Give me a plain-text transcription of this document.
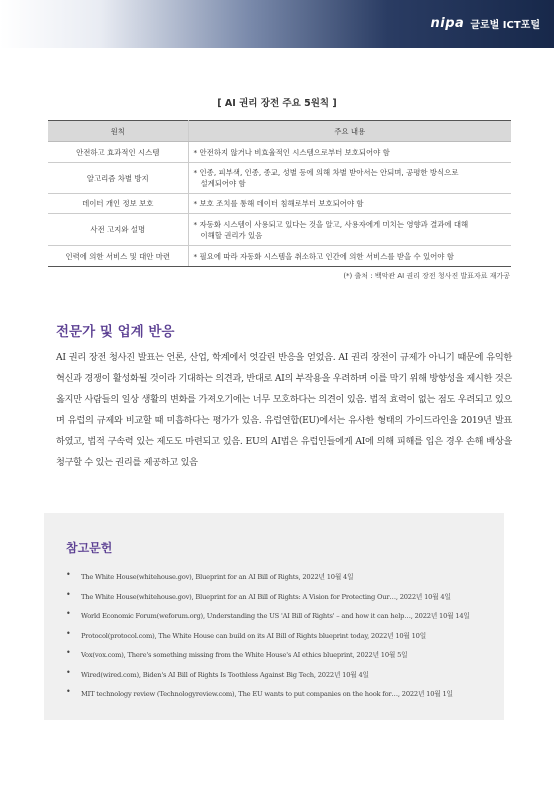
nipa 글로벌 ICT포털
[ AI 권리 장전 주요 5원칙 ]
원칙	주요 내용
안전하고 효과적인 시스템	* 안전하지 않거나 비효율적인 시스템으로부터 보호되어야 함

알고리즘 차별 방지	* 인종, 피부색, 인종, 종교, 성별 등에 의해 차별 받아서는 안되며, 공평한 방식으로
설계되어야 함

데이터 개인 정보 보호	* 보호 조치를 통해 데이터 침해로부터 보호되어야 함

사전 고지와 설명	* 자동화 시스템이 사용되고 있다는 것을 알고, 사용자에게 미치는 영향과 결과에 대해
이해할 권리가 있음

인력에 의한 서비스 및 대안 마련	* 필요에 따라 자동화 시스템을 취소하고 인간에 의한 서비스를 받을 수 있어야 함
(*) 출처 : 백악관 AI 권리 장전 청사진 발표자료 재가공
전문가 및 업계 반응

AI 권리 장전 청사진 발표는 언론, 산업, 학계에서 엇갈린 반응을 얻었음. AI 권리 장전이 규제가 아니기 때문에 유익한 혁신과 경쟁이 활성화될 것이라 기대하는 의견과, 반대로 AI의 부작용을 우려하며 이를 막기 위해 방향성을 제시한 것은 옳지만 사람들의 일상 생활의 변화를 가져오기에는 너무 모호하다는 의견이 있음. 법적 효력이 없는 점도 우려되고 있으며 유럽의 규제와 비교할 때 미흡하다는 평가가 있음. 유럽연합(EU)에서는 유사한 형태의 가이드라인을 2019년 발표하였고, 법적 구속력 있는 제도도 마련되고 있음. EU의 AI법은 유럽인들에게 AI에 의해 피해를 입은 경우 손해 배상을 청구할 수 있는 권리를 제공하고 있음

참고문헌
• The White House(whitehouse.gov), Blueprint for an AI Bill of Rights, 2022년 10월 4일
• The White House(whitehouse.gov), Blueprint for an AI Bill of Rights: A Vision for Protecting Our…, 2022년 10월 4일
• World Economic Forum(weforum.org), Understanding the US 'AI Bill of Rights' – and how it can help…, 2022년 10월 14일
• Protocol(protocol.com), The White House can build on its AI Bill of Rights blueprint today, 2022년 10월 10일
• Vox(vox.com), There's something missing from the White House's AI ethics blueprint, 2022년 10월 5일
• Wired(wired.com), Biden's AI Bill of Rights Is Toothless Against Big Tech, 2022년 10월 4일
• MIT technology review (Technologyreview.com), The EU wants to put companies on the hook for…, 2022년 10월 1일
